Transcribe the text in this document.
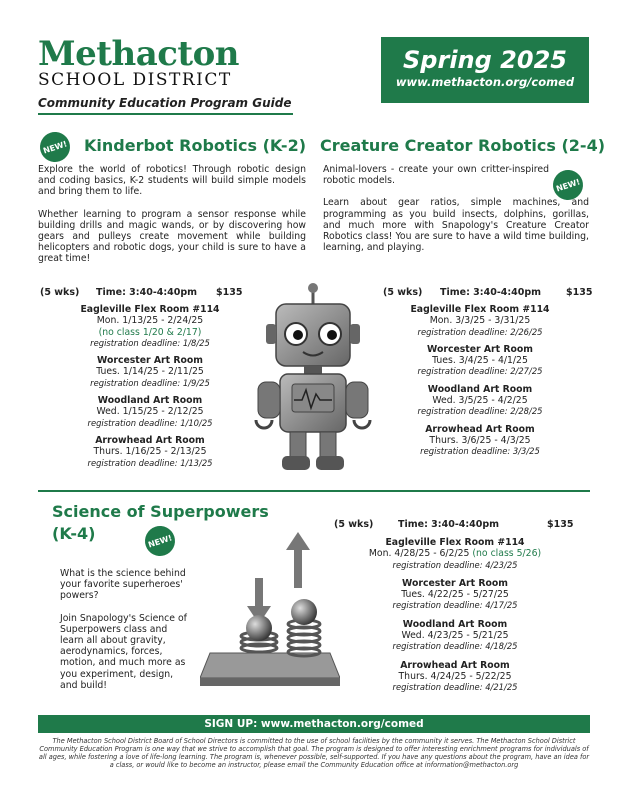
Methacton
SCHOOL DISTRICT
Community Education Program Guide
Spring 2025
www.methacton.org/comed
NEW! Kinderbot Robotics (K-2)

Explore the world of robotics! Through robotic design and coding basics, K-2 students will build simple models and bring them to life.

Whether learning to program a sensor response while building drills and magic wands, or by discovering how gears and pulleys create movement while building helicopters and robotic dogs, your child is sure to have a great time!

Creature Creator Robotics (2-4)
NEW!

Animal-lovers - create your own critter-inspired robotic models.

Learn about gear ratios, simple machines, and programming as you build insects, dolphins, gorillas, and much more with Snapology's Creature Creator Robotics class! You are sure to have a wild time building, learning, and playing.

(5 wks) Time: 3:40-4:40pm $135
Eagleville Flex Room #114
Mon. 1/13/25 - 2/24/25
(no class 1/20 & 2/17)
registration deadline: 1/8/25
Worcester Art Room
Tues. 1/14/25 - 2/11/25
registration deadline: 1/9/25
Woodland Art Room
Wed. 1/15/25 - 2/12/25
registration deadline: 1/10/25
Arrowhead Art Room
Thurs. 1/16/25 - 2/13/25
registration deadline: 1/13/25
(5 wks) Time: 3:40-4:40pm	$135
Eagleville Flex Room #114
Mon. 3/3/25 - 3/31/25
registration deadline: 2/26/25
Worcester Art Room
Tues. 3/4/25 - 4/1/25
registration deadline: 2/27/25
Woodland Art Room
Wed. 3/5/25 - 4/2/25
registration deadline: 2/28/25
Arrowhead Art Room
Thurs. 3/6/25 - 4/3/25
registration deadline: 3/3/25
Science of Superpowers
(K-4)	NEW!

What is the science behind your favorite superheroes' powers?

Join Snapology's Science of Superpowers class and learn all about gravity, aerodynamics, forces, motion, and much more as you experiment, design, and build!

(5 wks)	Time: 3:40-4:40pm	$135
Eagleville Flex Room #114
Mon. 4/28/25 - 6/2/25 (no class 5/26)
registration deadline: 4/23/25
Worcester Art Room
Tues. 4/22/25 - 5/27/25
registration deadline: 4/17/25
Woodland Art Room
Wed. 4/23/25 - 5/21/25
registration deadline: 4/18/25
Arrowhead Art Room
Thurs. 4/24/25 - 5/22/25
registration deadline: 4/21/25
SIGN UP: www.methacton.org/comed
The Methacton School District Board of School Directors is committed to the use of school facilities by the community it serves. The Methacton School District Community Education Program is one way that we strive to accomplish that goal. The program is designed to offer interesting enrichment programs for individuals of all ages, while fostering a love of life-long learning. The program is, whenever possible, self-supported. If you have any questions about the program, have an idea for a class, or would like to become an instructor, please email the Community Education office at information@methacton.org
